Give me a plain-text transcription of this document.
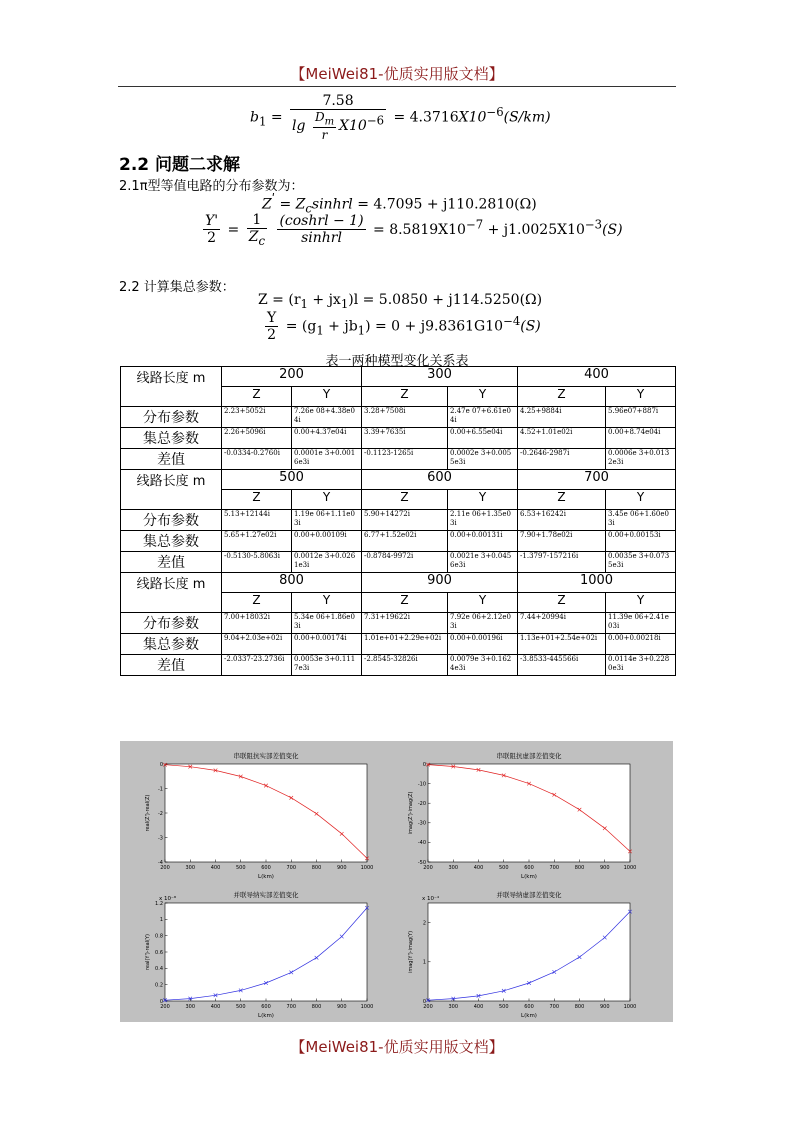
【MeiWei81-优质实用版文档】
$b_1 = \frac{7.58}{\lg \frac{D_m}{r} X10^{-6}} = 4.3716X10^{-6}(S/km)$
2.2 问题二求解
2.1π型等值电路的分布参数为：
$Z^ʹ$ = $Z_csinhrl = 4.7095 + j110.2810(\Omega)$
$\frac{Y'}{2} = \frac{1}{Z_c}$
$\frac{\text{(coshrl − 1)}}{\text{sinhrl}} = 8.5819X10^{-7} + j1.0025X10^{-3}(S)$
2.2 计算集总参数：
$Z = (r_1 + jx_1)l = 5.0850 + j114.5250(\Omega)$
$\frac{Y}{2} = (g_1 + jb_1) = 0 + j9.8361G10^{-4}(S)$
表一两种模型变化关系表
线路长度 m	200		300		400	
	Z	Y	Z	Y	Z	Y
分布参数	2.23+5052i	7.26e 08+4.38e04i	3.28+7508i	2.47e 07+6.61e04i	4.25+9884i	5.96e07+887i
集总参数	2.26+5096i	0.00+4.37e04i	3.39+7635i	0.00+6.55e04i	4.52+1.01e02i	0.00+8.74e04i
差值	-0.0334-0.2760i	0.0001e 3+0.0016e3i	-0.1123-1265i	0.0002e 3+0.0055e3i	-0.2646-2987i	0.0006e 3+0.0132e3i
线路长度 m	500		600		700	
	Z	Y	Z	Y	Z	Y
分布参数	5.13+12144i	1.19e 06+1.11e03i	5.90+14272i	2.11e 06+1.35e03i	6.53+16242i	3.45e 06+1.60e03i
集总参数	5.65+1.27e02i	0.00+0.00109i	6.77+1.52e02i	0.00+0.00131i	7.90+1.78e02i	0.00+0.00153i
差值	-0.5130-5.8063i	0.0012e 3+0.0261e3i	-0.8784-9972i	0.0021e 3+0.0456e3i	-1.3797-157216i	0.0035e 3+0.0735e3i
线路长度 m	800		900		1000	
	Z	Y	Z	Y	Z	Y
分布参数	7.00+18032i	5.34e 06+1.86e03i	7.31+19622i	7.92e 06+2.12e03i	7.44+20994i	11.39e 06+2.41e03i
集总参数	9.04+2.03e+02i	0.00+0.00174i	1.01e+01+2.29e+02i	0.00+0.00196i	1.13e+01+2.54e+02i	0.00+0.00218i
差值	-2.0337-23.2736i	0.0053e 3+0.1117e3i	-2.8545-32826i	0.0079e 3+0.1624e3i	-3.8533-445566i	0.0114e 3+0.2280e3i
串联阻抗实部差值变化
L(km)
real(Z')-real(Z)
200	300	400	500	600	700	800	900	1000
0
-1
-2
-3
-4
串联阻抗虚部差值变化
L(km)
imag(Z')-imag(Z)
200	300	400	500	600	700	800	900	1000
0
-10
-20
-30
-40
-50
并联导纳实部差值变化
L(km)
real(Y')-real(Y)
x 10⁻⁸
200	300	400	500	600	700	800	900	1000
0
0.2
0.4
0.6
0.8
1
1.2
并联导纳虚部差值变化
L(km)
imag(Y')-imag(Y)
x 10⁻⁴
200	300	400	500	600	700	800	900	1000
0
1
2
【MeiWei81-优质实用版文档】
